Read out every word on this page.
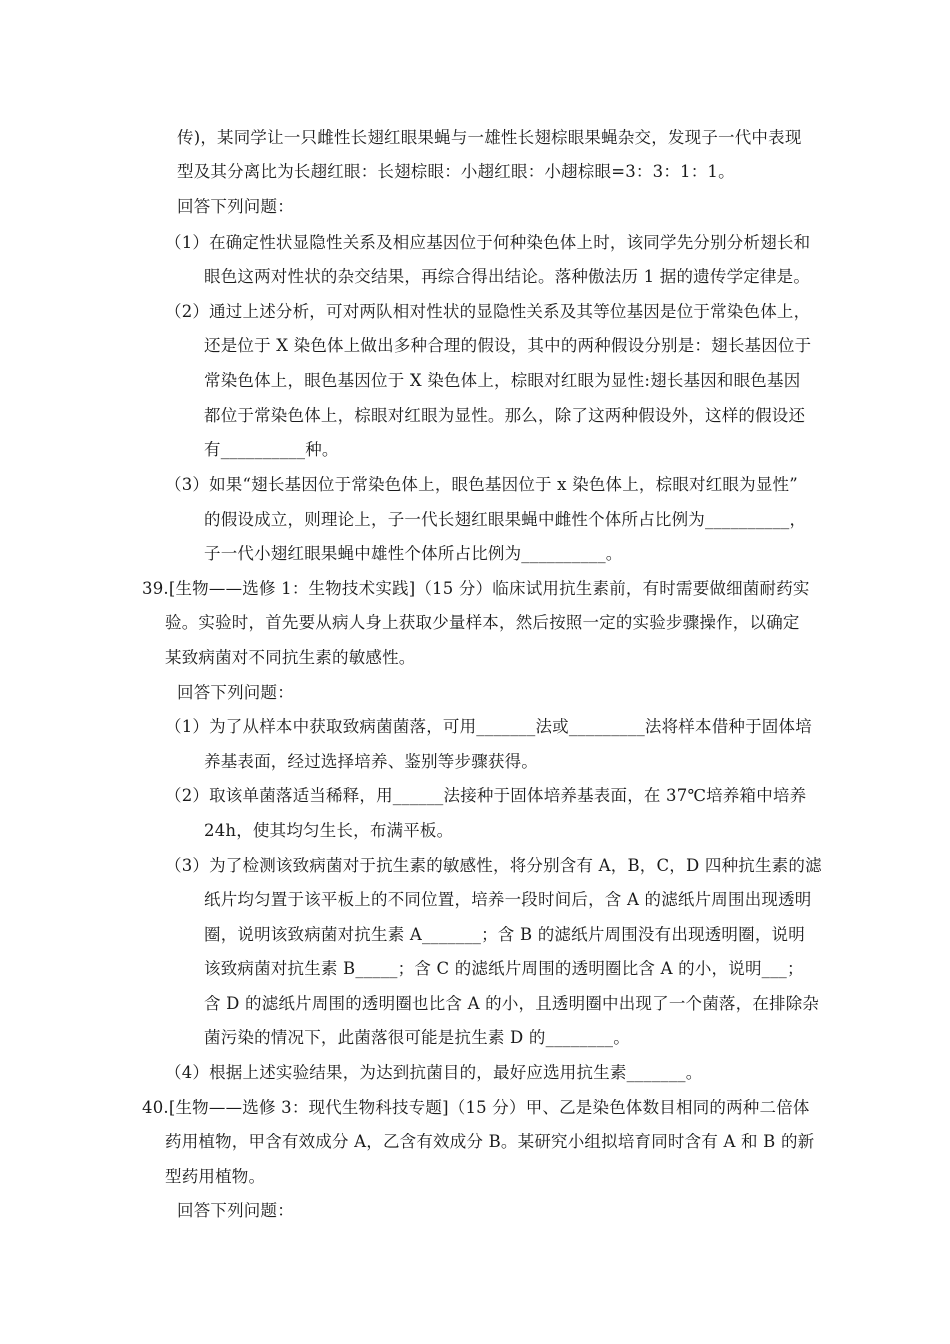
传)，某同学让一只雌性长翅红眼果蝇与一雄性长翅棕眼果蝇杂交，发现子一代中表现
型及其分离比为长趐红眼：长翅棕眼：小趐红眼：小趐棕眼=3：3：1：1。
回答下列问题：
（1）在确定性状显隐性关系及相应基因位于何种染色体上时，该同学先分别分析翅长和
眼色这两对性状的杂交结果，再综合得出结论。落种傲法历 1 据的遗传学定律是。
（2）通过上述分析，可对两队相对性状的显隐性关系及其等位基因是位于常染色体上，
还是位于 X 染色体上做出多种合理的假设，其中的两种假设分别是：翅长基因位于
常染色体上，眼色基因位于 X 染色体上，棕眼对红眼为显性:翅长基因和眼色基因
都位于常染色体上，棕眼对红眼为显性。那么，除了这两种假设外，这样的假设还
有__________种。
（3）如果“翅长基因位于常染色体上，眼色基因位于 x 染色体上，棕眼对红眼为显性”
的假设成立，则理论上，子一代长翅红眼果蝇中雌性个体所占比例为__________，
子一代小翅红眼果蝇中雄性个体所占比例为__________。
39.[生物——选修 1：生物技术实践]（15 分）临床试用抗生素前，有时需要做细菌耐药实
验。实验时，首先要从病人身上获取少量样本，然后按照一定的实验步骤操作，以确定
某致病菌对不同抗生素的敏感性。
回答下列问题：
（1）为了从样本中获取致病菌菌落，可用_______法或_________法将样本借种于固体培
养基表面，经过选择培养、鉴别等步骤获得。
（2）取该单菌落适当稀释，用______法接种于固体培养基表面，在 37℃培养箱中培养
24h，使其均匀生长，布满平板。
（3）为了检测该致病菌对于抗生素的敏感性，将分别含有 A，B，C，D 四种抗生素的滤
纸片均匀置于该平板上的不同位置，培养一段时间后，含 A 的滤纸片周围出现透明
圈，说明该致病菌对抗生素 A_______；含 B 的滤纸片周围没有出现透明圈，说明
该致病菌对抗生素 B_____；含 C 的滤纸片周围的透明圈比含 A 的小，说明___；
含 D 的滤纸片周围的透明圈也比含 A 的小，且透明圈中出现了一个菌落，在排除杂
菌污染的情况下，此菌落很可能是抗生素 D 的________。
（4）根据上述实验结果，为达到抗菌目的，最好应选用抗生素_______。
40.[生物——选修 3：现代生物科技专题]（15 分）甲、乙是染色体数目相同的两种二倍体
药用植物，甲含有效成分 A，乙含有效成分 B。某研究小组拟培育同时含有 A 和 B 的新
型药用植物。
回答下列问题：
